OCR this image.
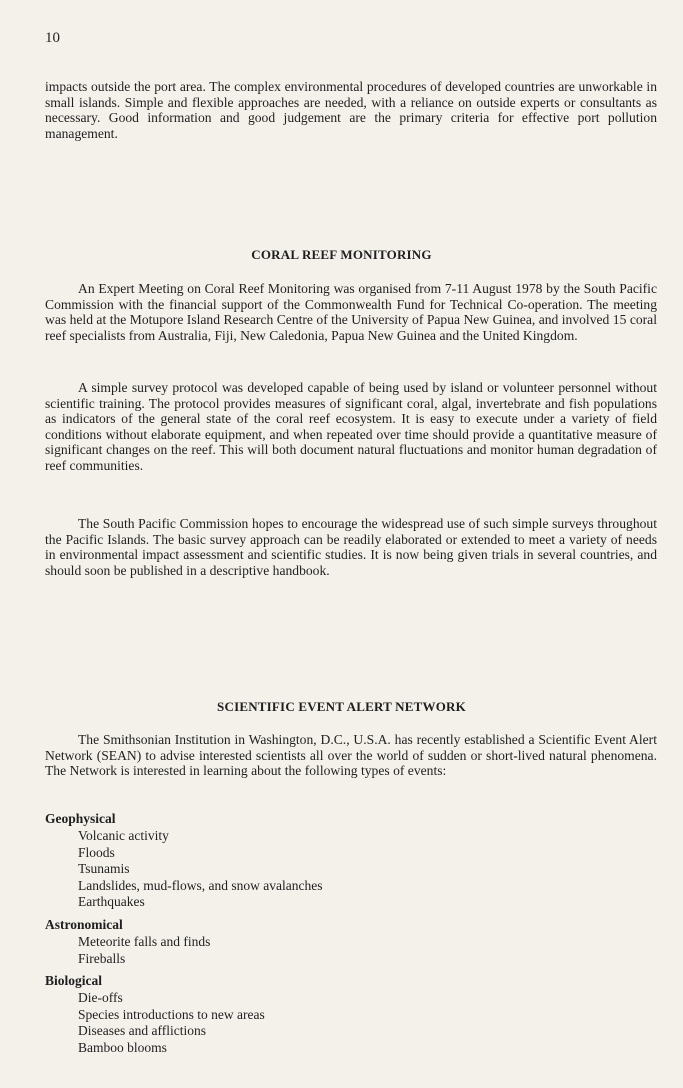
10

impacts outside the port area. The complex environmental procedures of developed countries are unworkable in small islands. Simple and flexible approaches are needed, with a reliance on outside experts or consultants as necessary. Good information and good judgement are the primary criteria for effective port pollution management.

CORAL REEF MONITORING

An Expert Meeting on Coral Reef Monitoring was organised from 7-11 August 1978 by the South Pacific Commission with the financial support of the Commonwealth Fund for Technical Co-operation. The meeting was held at the Motupore Island Research Centre of the University of Papua New Guinea, and involved 15 coral reef specialists from Australia, Fiji, New Caledonia, Papua New Guinea and the United Kingdom.

A simple survey protocol was developed capable of being used by island or volunteer personnel without scientific training. The protocol provides measures of significant coral, algal, invertebrate and fish populations as indicators of the general state of the coral reef ecosystem. It is easy to execute under a variety of field conditions without elaborate equipment, and when repeated over time should provide a quantitative measure of significant changes on the reef. This will both document natural fluctuations and monitor human degradation of reef communities.

The South Pacific Commission hopes to encourage the widespread use of such simple surveys throughout the Pacific Islands. The basic survey approach can be readily elaborated or extended to meet a variety of needs in environmental impact assessment and scientific studies. It is now being given trials in several countries, and should soon be published in a descriptive handbook.

SCIENTIFIC EVENT ALERT NETWORK

The Smithsonian Institution in Washington, D.C., U.S.A. has recently established a Scientific Event Alert Network (SEAN) to advise interested scientists all over the world of sudden or short-lived natural phenomena. The Network is interested in learning about the following types of events:

Geophysical
Volcanic activity
Floods
Tsunamis
Landslides, mud-flows, and snow avalanches
Earthquakes
Astronomical
Meteorite falls and finds
Fireballs
Biological
Die-offs
Species introductions to new areas
Diseases and afflictions
Bamboo blooms
